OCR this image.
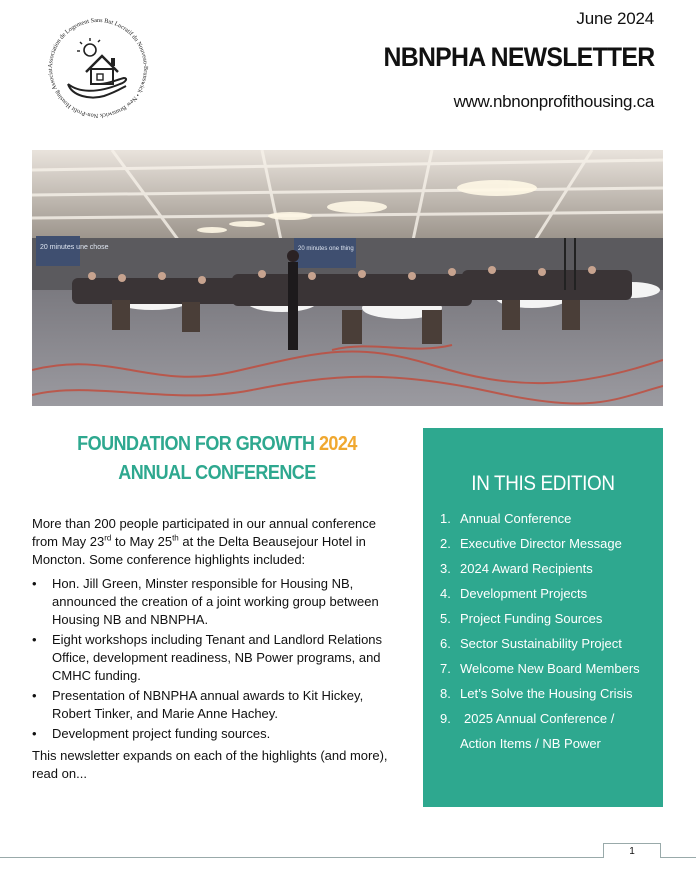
Association de Logement Sans But Lucratif du Nouveau-Brunswick • New Brunswick Non-Profit Housing Associat
June 2024
NBNPHA NEWSLETTER
www.nbnonprofithousing.ca
20 minutes une chose	20 minutes one thing
FOUNDATION FOR GROWTH 2024
ANNUAL CONFERENCE

More than 200 people participated in our annual conference from May 23rd to May 25th at the Delta Beausejour Hotel in Moncton. Some conference highlights included:

• Hon. Jill Green, Minster responsible for Housing NB, announced the creation of a joint working group between Housing NB and NBNPHA.
• Eight workshops including Tenant and Landlord Relations Office, development readiness, NB Power programs, and CMHC funding.
• Presentation of NBNPHA annual awards to Kit Hickey, Robert Tinker, and Marie Anne Hachey.
• Development project funding sources.

This newsletter expands on each of the highlights (and more), read on...

IN THIS EDITION
1. Annual Conference
2. Executive Director Message
3. 2024 Award Recipients
4. Development Projects
5. Project Funding Sources
6. Sector Sustainability Project
7. Welcome New Board Members
8. Let’s Solve the Housing Crisis
9.	2025 Annual Conference /
Action Items / NB Power
1
